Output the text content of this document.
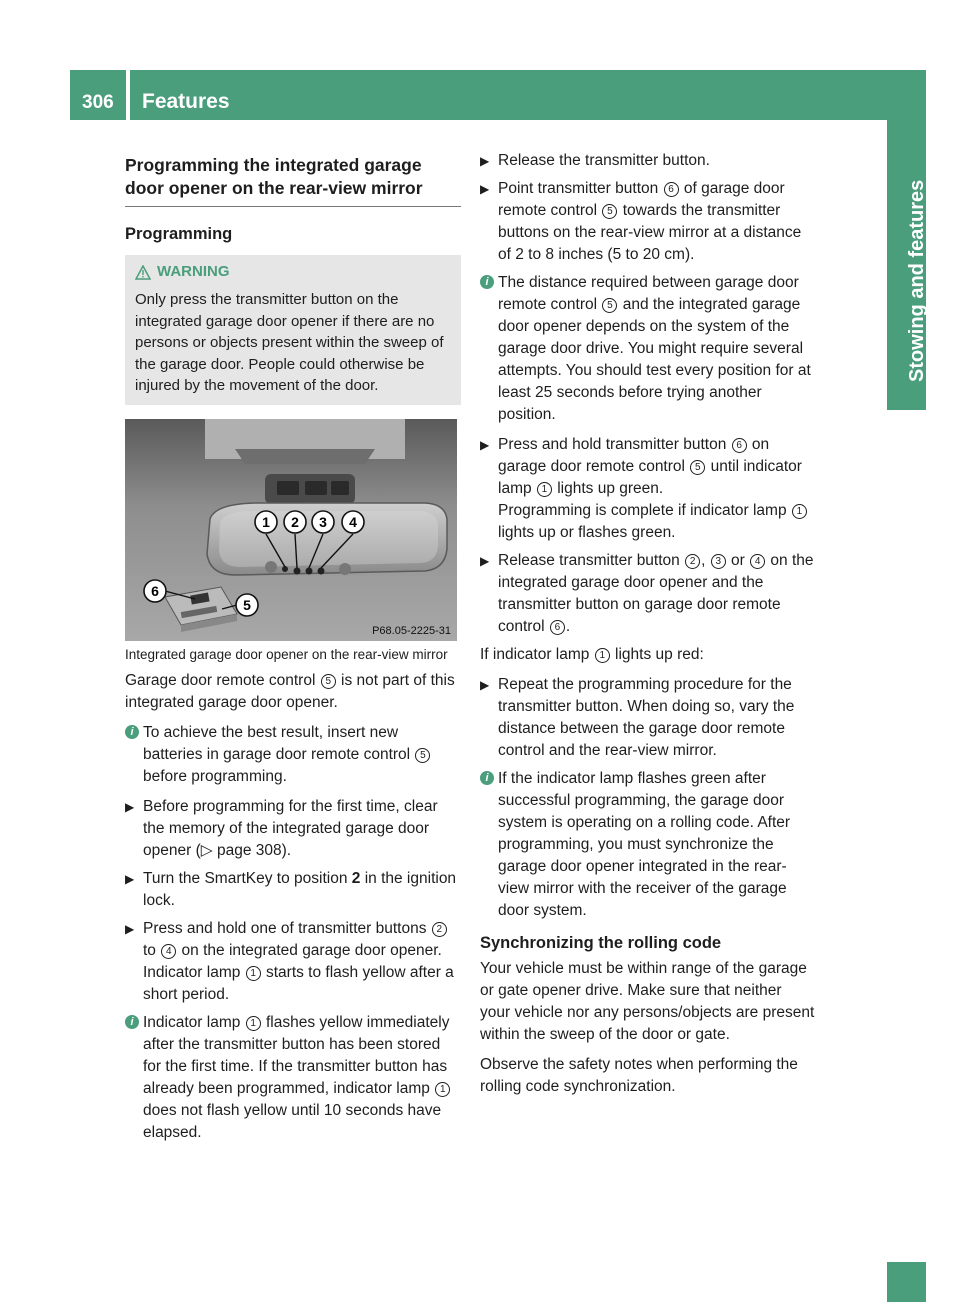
306 Features
Stowing and features
Programming the integrated garage door opener on the rear-view mirror
Programming
WARNING

Only press the transmitter button on the integrated garage door opener if there are no persons or objects present within the sweep of the garage door. People could otherwise be injured by the movement of the door.

1 2 3 4
6
5
P68.05-2225-31
Integrated garage door opener on the rear-view mirror

Garage door remote control 5 is not part of this integrated garage door opener.

i To achieve the best result, insert new batteries in garage door remote control 5 before programming.
▶ Before programming for the first time, clear the memory of the integrated garage door opener (▷ page 308).
▶ Turn the SmartKey to position 2 in the ignition lock.
▶ Press and hold one of transmitter buttons 2 to 4 on the integrated garage door opener.
Indicator lamp 1 starts to flash yellow after a short period.
i Indicator lamp 1 flashes yellow immediately after the transmitter button has been stored for the first time. If the transmitter button has already been programmed, indicator lamp 1 does not flash yellow until 10 seconds have elapsed.
▶ Release the transmitter button.
▶ Point transmitter button 6 of garage door remote control 5 towards the transmitter buttons on the rear-view mirror at a distance of 2 to 8 inches (5 to 20 cm).
i The distance required between garage door remote control 5 and the integrated garage door opener depends on the system of the garage door drive. You might require several attempts. You should test every position for at least 25 seconds before trying another position.
▶ Press and hold transmitter button 6 on garage door remote control 5 until indicator lamp 1 lights up green.
Programming is complete if indicator lamp 1 lights up or flashes green.
▶ Release transmitter button 2 , 3 or 4 on the integrated garage door opener and the transmitter button on garage door remote control 6 .

If indicator lamp 1 lights up red:

▶ Repeat the programming procedure for the transmitter button. When doing so, vary the distance between the garage door remote control and the rear-view mirror.
i If the indicator lamp flashes green after successful programming, the garage door system is operating on a rolling code. After programming, you must synchronize the garage door opener integrated in the rear-view mirror with the receiver of the garage door system.
Synchronizing the rolling code

Your vehicle must be within range of the garage or gate opener drive. Make sure that neither your vehicle nor any persons/objects are present within the sweep of the door or gate.

Observe the safety notes when performing the rolling code synchronization.
